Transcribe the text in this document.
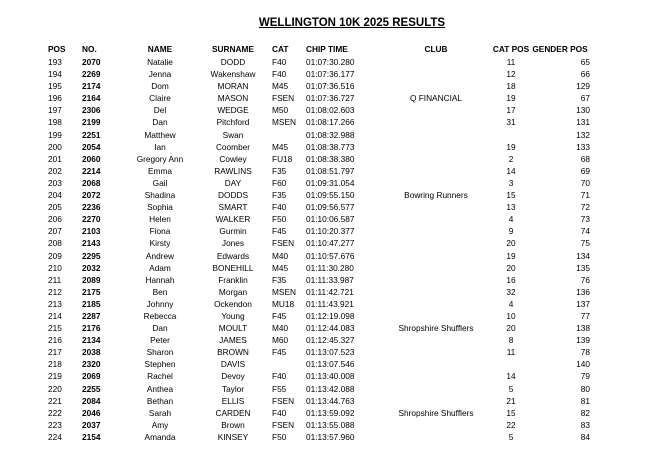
WELLINGTON 10K 2025 RESULTS
POS	NO.	NAME	SURNAME	CAT	CHIP TIME	CLUB	CAT POS	GENDER POS
193	2070	Natalie	DODD	F40	01:07:30.280		11	65
194	2269	Jenna	Wakenshaw	F40	01:07:36.177		12	66
195	2174	Dom	MORAN	M45	01:07:36.516		18	129
196	2164	Claire	MASON	FSEN	01:07:36.727	Q FINANCIAL	19	67
197	2306	Del	WEDGE	M50	01:08:02.603		17	130
198	2199	Dan	Pitchford	MSEN	01:08:17.266		31	131
199	2251	Matthew	Swan		01:08:32.988			132
200	2054	Ian	Coomber	M45	01:08:38.773		19	133
201	2060	Gregory Ann	Cowley	FU18	01:08:38.380		2	68
202	2214	Emma	RAWLINS	F35	01:08:51.797		14	69
203	2068	Gail	DAY	F60	01:09:31.054		3	70
204	2072	Shadina	DODDS	F35	01:09:55.150	Bowring Runners	15	71
205	2236	Sophia	SMART	F40	01:09:56.577		13	72
206	2270	Helen	WALKER	F50	01:10:06.587		4	73
207	2103	Fiona	Gurmin	F45	01:10:20.377		9	74
208	2143	Kirsty	Jones	FSEN	01:10:47.277		20	75
209	2295	Andrew	Edwards	M40	01:10:57.676		19	134
210	2032	Adam	BONEHILL	M45	01:11:30.280		20	135
211	2089	Hannah	Franklin	F35	01:11:33.987		16	76
212	2175	Ben	Morgan	MSEN	01:11:42.721		32	136
213	2185	Johnny	Ockendon	MU18	01:11:43.921		4	137
214	2287	Rebecca	Young	F45	01:12:19.098		10	77
215	2176	Dan	MOULT	M40	01:12:44.083	Shropshire Shufflers	20	138
216	2134	Peter	JAMES	M60	01:12:45.327		8	139
217	2038	Sharon	BROWN	F45	01:13:07.523		11	78
218	2320	Stephen	DAVIS		01:13:07.546			140
219	2069	Rachel	Devoy	F40	01:13:40.008		14	79
220	2255	Anthea	Taylor	F55	01:13:42.088		5	80
221	2084	Bethan	ELLIS	FSEN	01:13:44.763		21	81
222	2046	Sarah	CARDEN	F40	01:13:59.092	Shropshire Shufflers	15	82
223	2037	Amy	Brown	FSEN	01:13:55.088		22	83
224	2154	Amanda	KINSEY	F50	01:13:57.960		5	84
